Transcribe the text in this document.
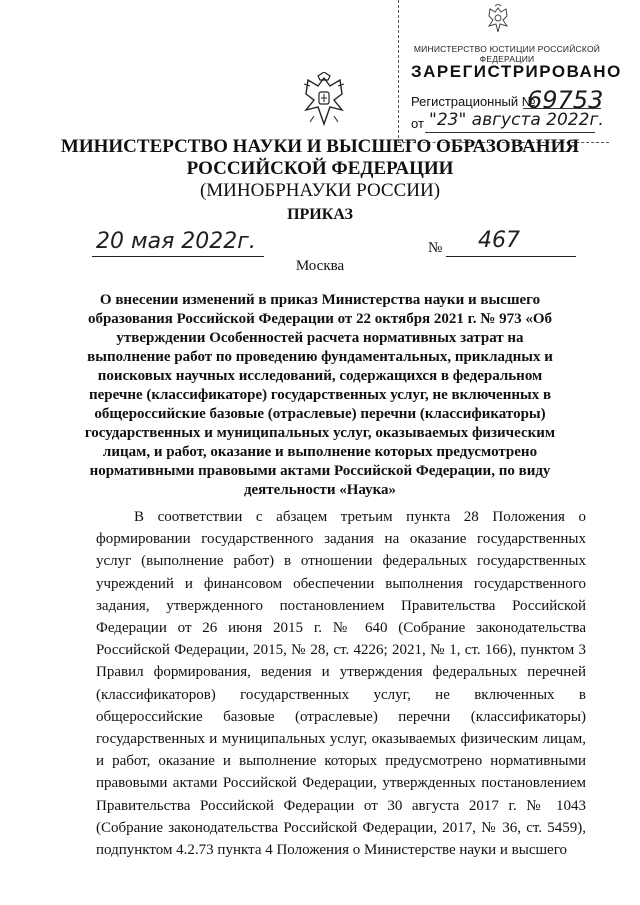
МИНИСТЕРСТВО ЮСТИЦИИ РОССИЙСКОЙ ФЕДЕРАЦИИ
ЗАРЕГИСТРИРОВАНО
Регистрационный №
69753
от "23" августа 2022г.
МИНИСТЕРСТВО НАУКИ И ВЫСШЕГО ОБРАЗОВАНИЯ
РОССИЙСКОЙ ФЕДЕРАЦИИ
(МИНОБРНАУКИ РОССИИ)
ПРИКАЗ
20 мая 2022г.	№ 467
Москва
О внесении изменений в приказ Министерства науки и высшего образования Российской Федерации от 22 октября 2021 г. № 973 «Об утверждении Особенностей расчета нормативных затрат на выполнение работ по проведению фундаментальных, прикладных и поисковых научных исследований, содержащихся в федеральном перечне (классификаторе) государственных услуг, не включенных в общероссийские базовые (отраслевые) перечни (классификаторы) государственных и муниципальных услуг, оказываемых физическим лицам, и работ, оказание и выполнение которых предусмотрено нормативными правовыми актами Российской Федерации, по виду деятельности «Наука»

В соответствии с абзацем третьим пункта 28 Положения о формировании государственного задания на оказание государственных услуг (выполнение работ) в отношении федеральных государственных учреждений и финансовом обеспечении выполнения государственного задания, утвержденного постановлением Правительства Российской Федерации от 26 июня 2015 г. № 640 (Собрание законодательства Российской Федерации, 2015, № 28, ст. 4226; 2021, № 1, ст. 166), пунктом 3 Правил формирования, ведения и утверждения федеральных перечней (классификаторов) государственных услуг, не включенных в общероссийские базовые (отраслевые) перечни (классификаторы) государственных и муниципальных услуг, оказываемых физическим лицам, и работ, оказание и выполнение которых предусмотрено нормативными правовыми актами Российской Федерации, утвержденных постановлением Правительства Российской Федерации от 30 августа 2017 г. № 1043 (Собрание законодательства Российской Федерации, 2017, № 36, ст. 5459), подпунктом 4.2.73 пункта 4 Положения о Министерстве науки и высшего
